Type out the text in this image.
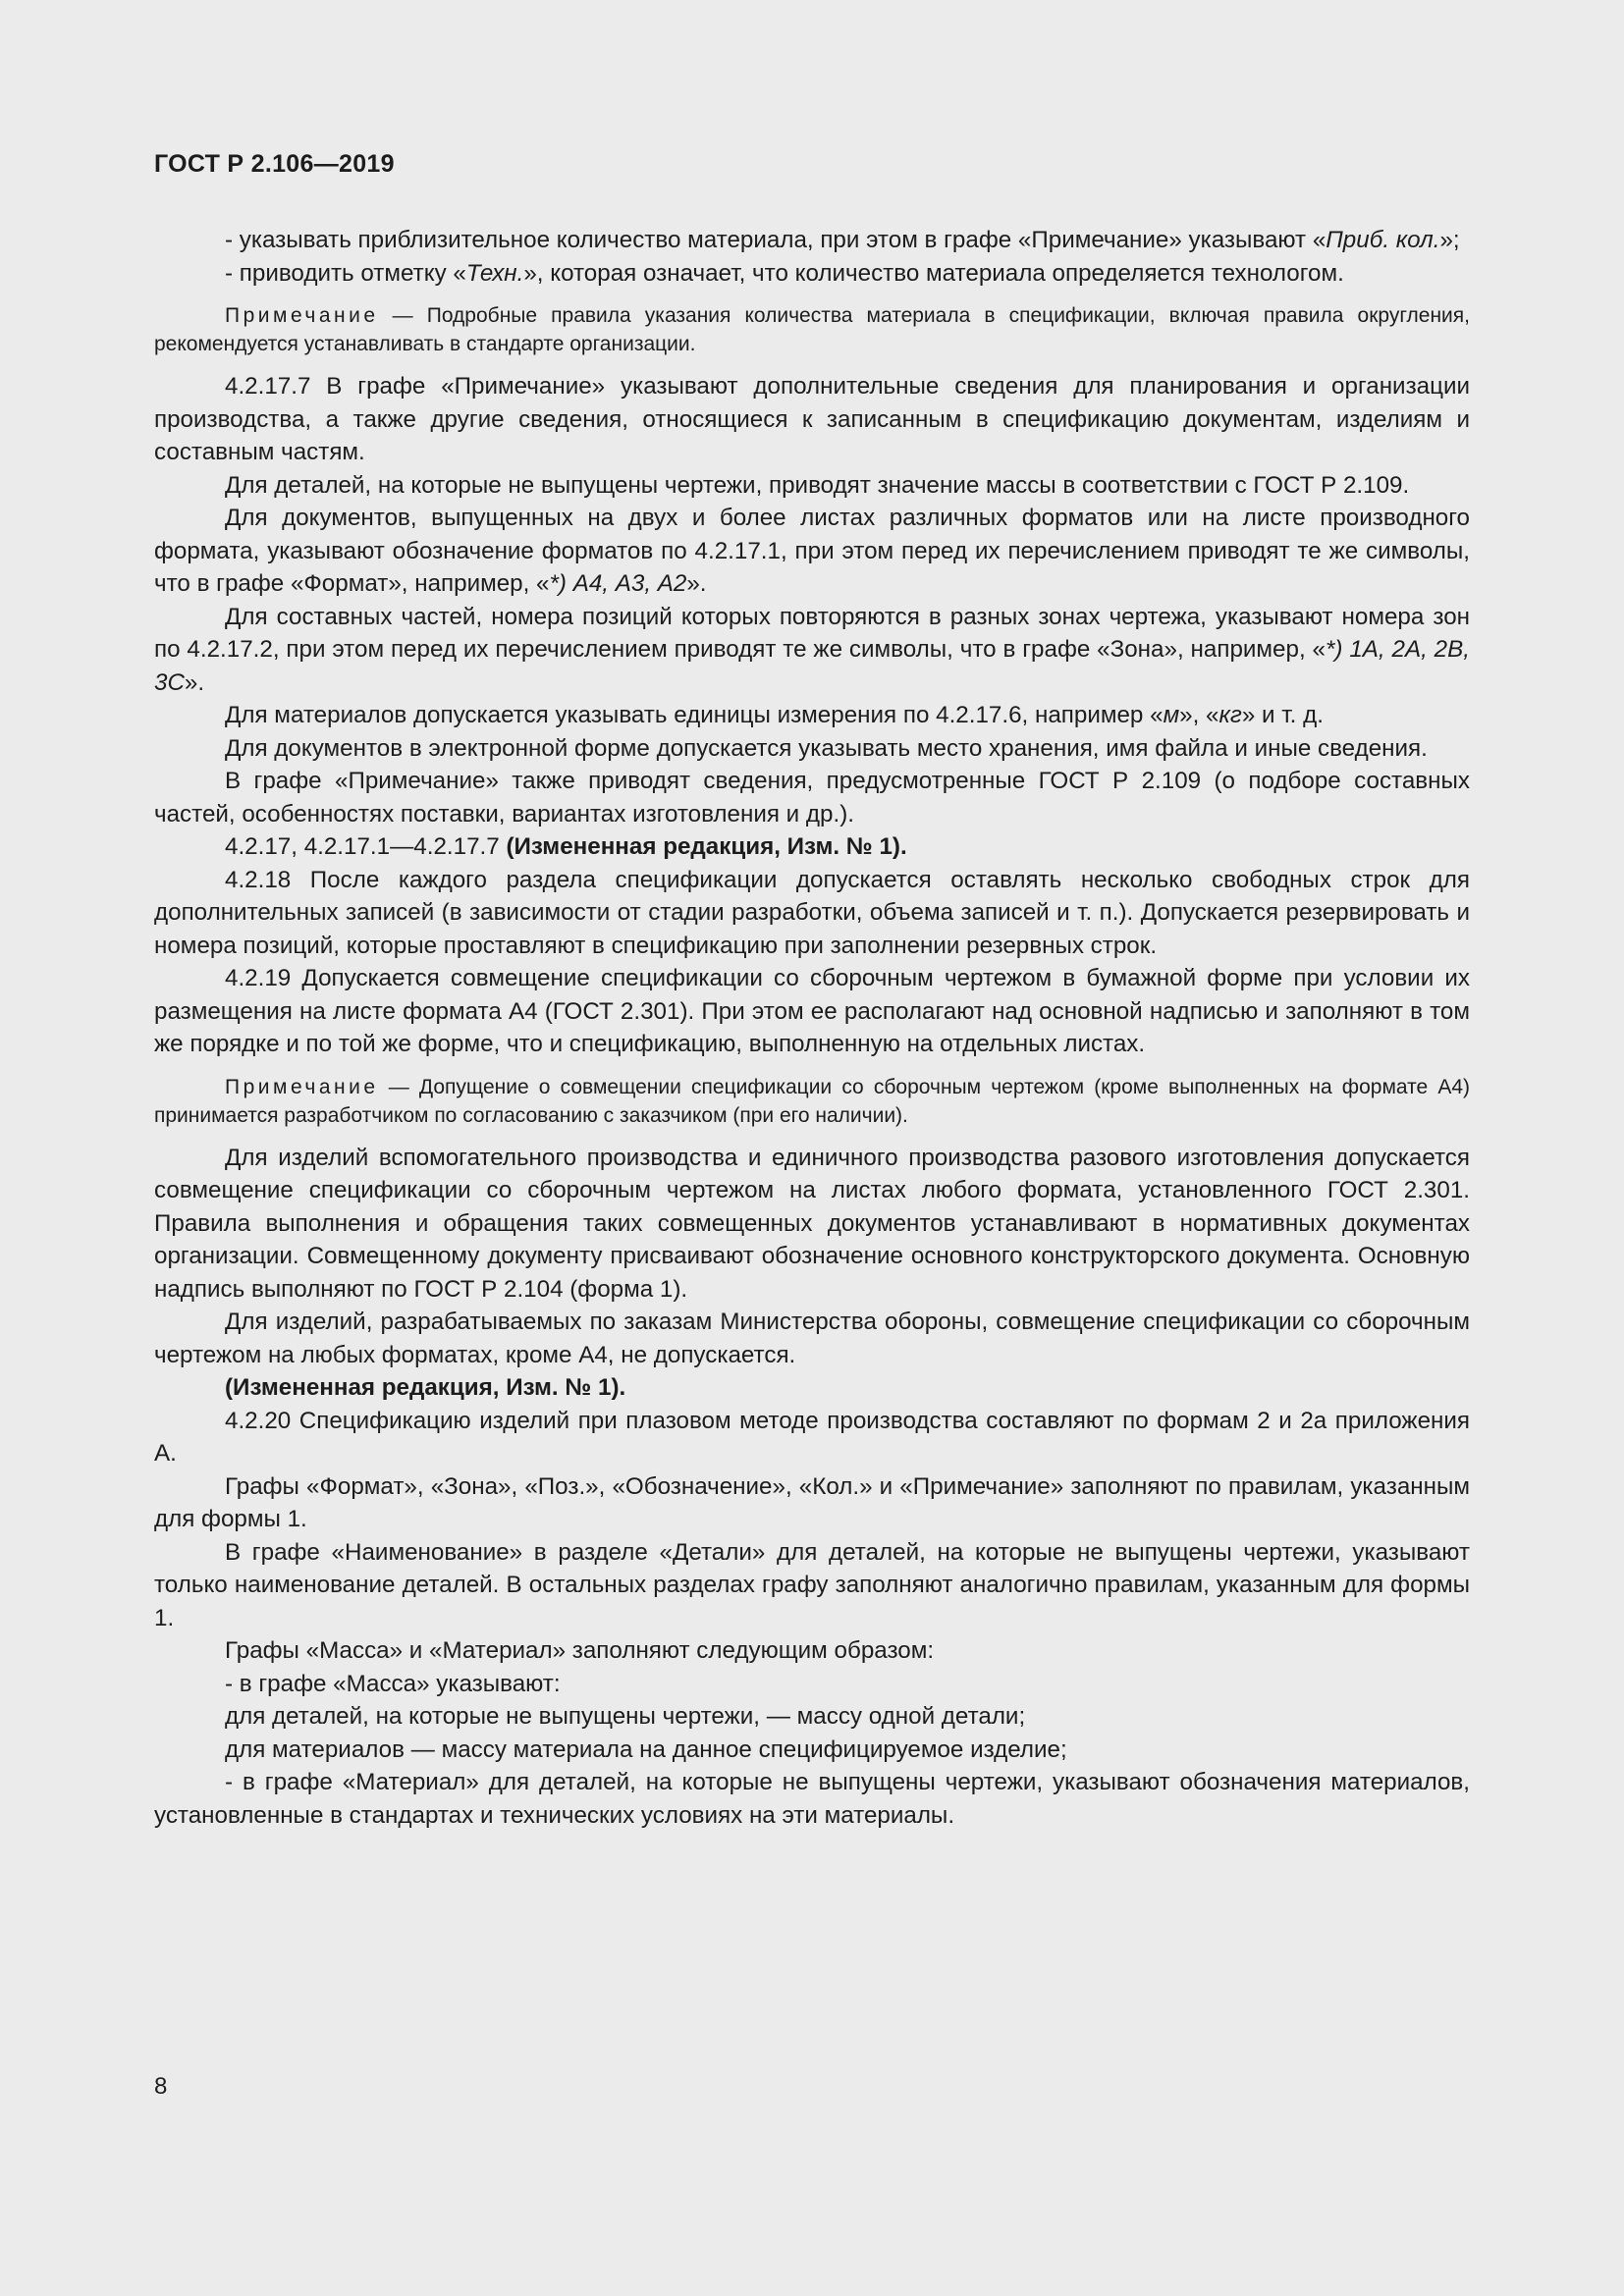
ГОСТ Р 2.106—2019

- указывать приблизительное количество материала, при этом в графе «Примечание» указывают «Приб. кол.»;

- приводить отметку «Техн.», которая означает, что количество материала определяется технологом.

Примечание — Подробные правила указания количества материала в спецификации, включая правила округления, рекомендуется устанавливать в стандарте организации.

4.2.17.7 В графе «Примечание» указывают дополнительные сведения для планирования и организации производства, а также другие сведения, относящиеся к записанным в спецификацию документам, изделиям и составным частям.

Для деталей, на которые не выпущены чертежи, приводят значение массы в соответствии с ГОСТ Р 2.109.

Для документов, выпущенных на двух и более листах различных форматов или на листе производного формата, указывают обозначение форматов по 4.2.17.1, при этом перед их перечислением приводят те же символы, что в графе «Формат», например, «*) А4, А3, А2».

Для составных частей, номера позиций которых повторяются в разных зонах чертежа, указывают номера зон по 4.2.17.2, при этом перед их перечислением приводят те же символы, что в графе «Зона», например, «*) 1А, 2А, 2В, 3С».

Для материалов допускается указывать единицы измерения по 4.2.17.6, например «м», «кг» и т. д.

Для документов в электронной форме допускается указывать место хранения, имя файла и иные сведения.

В графе «Примечание» также приводят сведения, предусмотренные ГОСТ Р 2.109 (о подборе составных частей, особенностях поставки, вариантах изготовления и др.).

4.2.17, 4.2.17.1—4.2.17.7 (Измененная редакция, Изм. № 1).

4.2.18 После каждого раздела спецификации допускается оставлять несколько свободных строк для дополнительных записей (в зависимости от стадии разработки, объема записей и т. п.). Допускается резервировать и номера позиций, которые проставляют в спецификацию при заполнении резервных строк.

4.2.19 Допускается совмещение спецификации со сборочным чертежом в бумажной форме при условии их размещения на листе формата А4 (ГОСТ 2.301). При этом ее располагают над основной надписью и заполняют в том же порядке и по той же форме, что и спецификацию, выполненную на отдельных листах.

Примечание — Допущение о совмещении спецификации со сборочным чертежом (кроме выполненных на формате А4) принимается разработчиком по согласованию с заказчиком (при его наличии).

Для изделий вспомогательного производства и единичного производства разового изготовления допускается совмещение спецификации со сборочным чертежом на листах любого формата, установленного ГОСТ 2.301. Правила выполнения и обращения таких совмещенных документов устанавливают в нормативных документах организации. Совмещенному документу присваивают обозначение основного конструкторского документа. Основную надпись выполняют по ГОСТ Р 2.104 (форма 1).

Для изделий, разрабатываемых по заказам Министерства обороны, совмещение спецификации со сборочным чертежом на любых форматах, кроме А4, не допускается.

(Измененная редакция, Изм. № 1).

4.2.20 Спецификацию изделий при плазовом методе производства составляют по формам 2 и 2а приложения А.

Графы «Формат», «Зона», «Поз.», «Обозначение», «Кол.» и «Примечание» заполняют по правилам, указанным для формы 1.

В графе «Наименование» в разделе «Детали» для деталей, на которые не выпущены чертежи, указывают только наименование деталей. В остальных разделах графу заполняют аналогично правилам, указанным для формы 1.

Графы «Масса» и «Материал» заполняют следующим образом:

- в графе «Масса» указывают:

для деталей, на которые не выпущены чертежи, — массу одной детали;

для материалов — массу материала на данное специфицируемое изделие;

- в графе «Материал» для деталей, на которые не выпущены чертежи, указывают обозначения материалов, установленные в стандартах и технических условиях на эти материалы.

8
